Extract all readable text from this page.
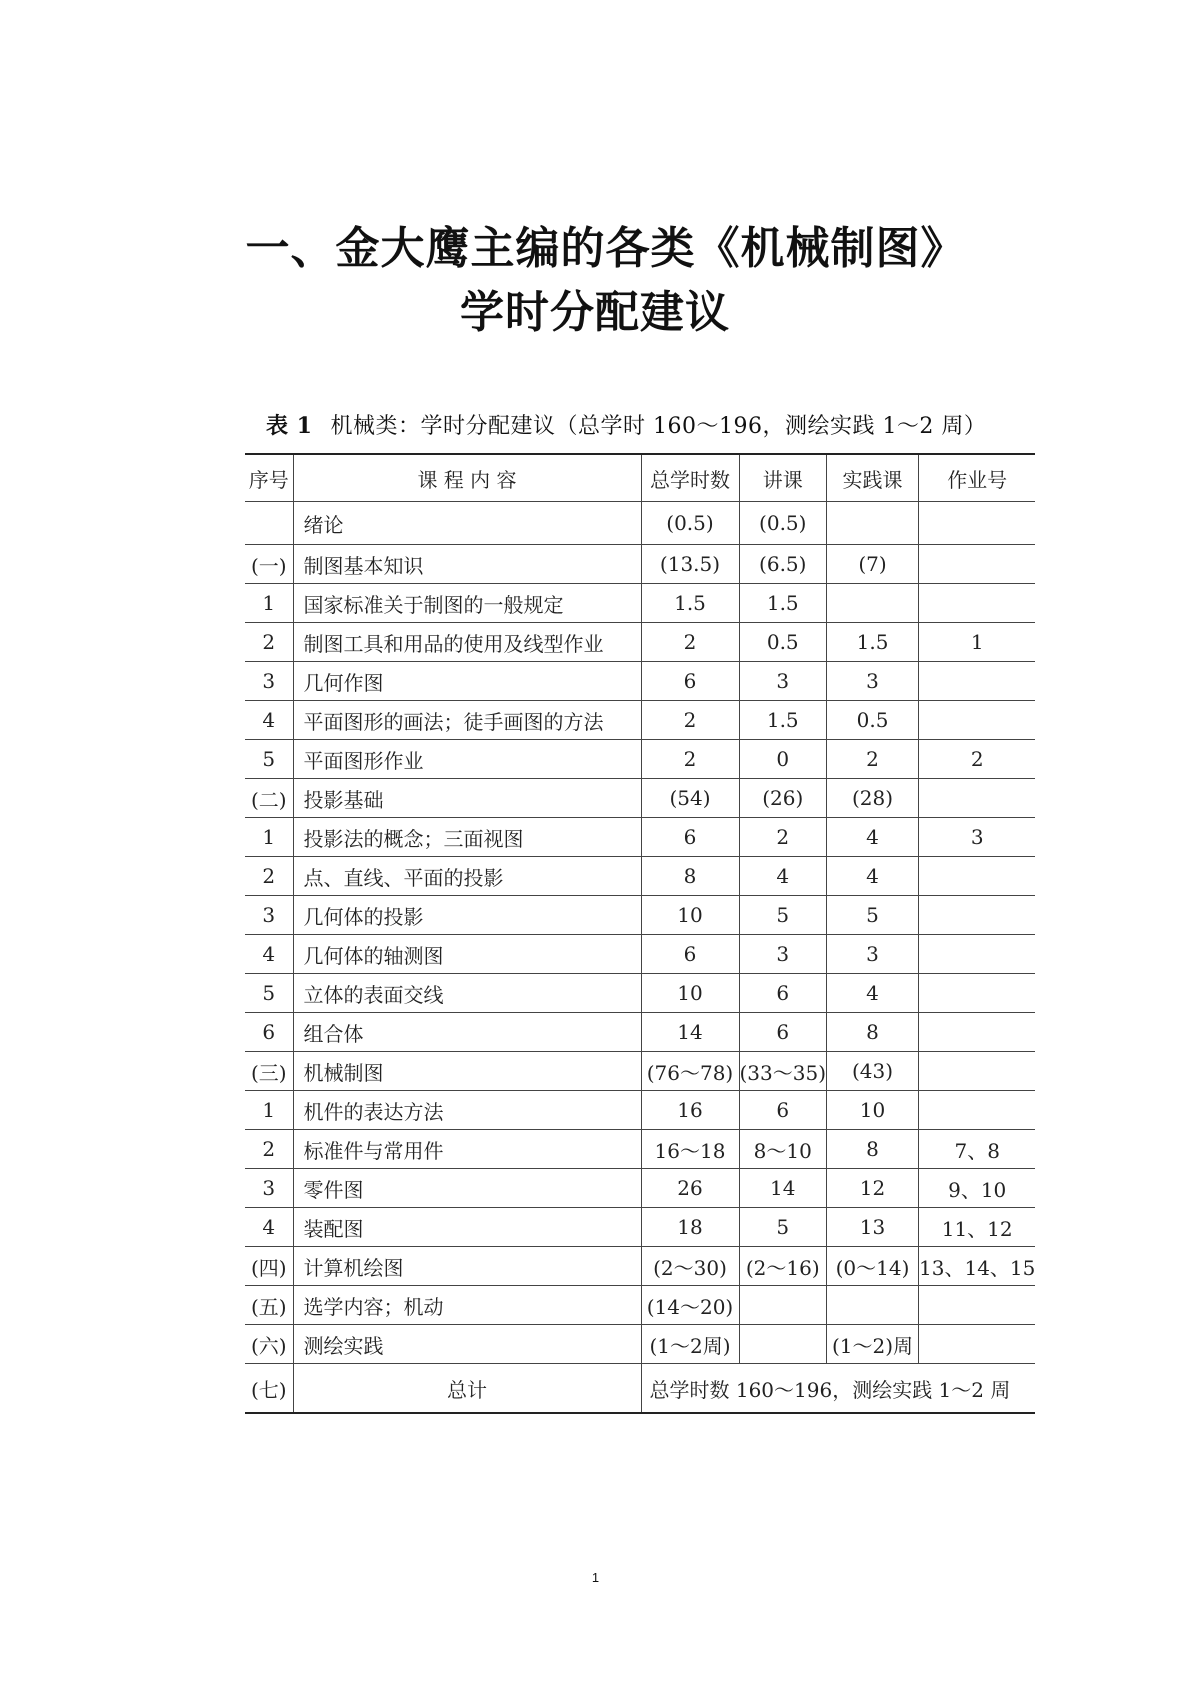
一、金大鹰主编的各类《机械制图》
学时分配建议
表 1 机械类：学时分配建议（总学时 160～196，测绘实践 1～2 周）
序号	课 程 内 容	总学时数	讲课	实践课	作业号
	绪论	(0.5)	(0.5)		
(一)	制图基本知识	(13.5)	(6.5)	(7)	
1	国家标准关于制图的一般规定	1.5	1.5		
2	制图工具和用品的使用及线型作业	2	0.5	1.5	1
3	几何作图	6	3	3	
4	平面图形的画法；徒手画图的方法	2	1.5	0.5	
5	平面图形作业	2	0	2	2
(二)	投影基础	(54)	(26)	(28)	
1	投影法的概念；三面视图	6	2	4	3
2	点、直线、平面的投影	8	4	4	
3	几何体的投影	10	5	5	
4	几何体的轴测图	6	3	3	
5	立体的表面交线	10	6	4	
6	组合体	14	6	8	
(三)	机械制图	(76～78)	(33～35)	(43)	
1	机件的表达方法	16	6	10	
2	标准件与常用件	16～18	8～10	8	7、8
3	零件图	26	14	12	9、10
4	装配图	18	5	13	11、12
(四)	计算机绘图	(2～30)	(2～16)	(0～14)	13、14、15
(五)	选学内容；机动	(14～20)			
(六)	测绘实践	(1～2周)		(1～2)周	
(七)	总计	总学时数 160～196，测绘实践 1～2 周			
1
